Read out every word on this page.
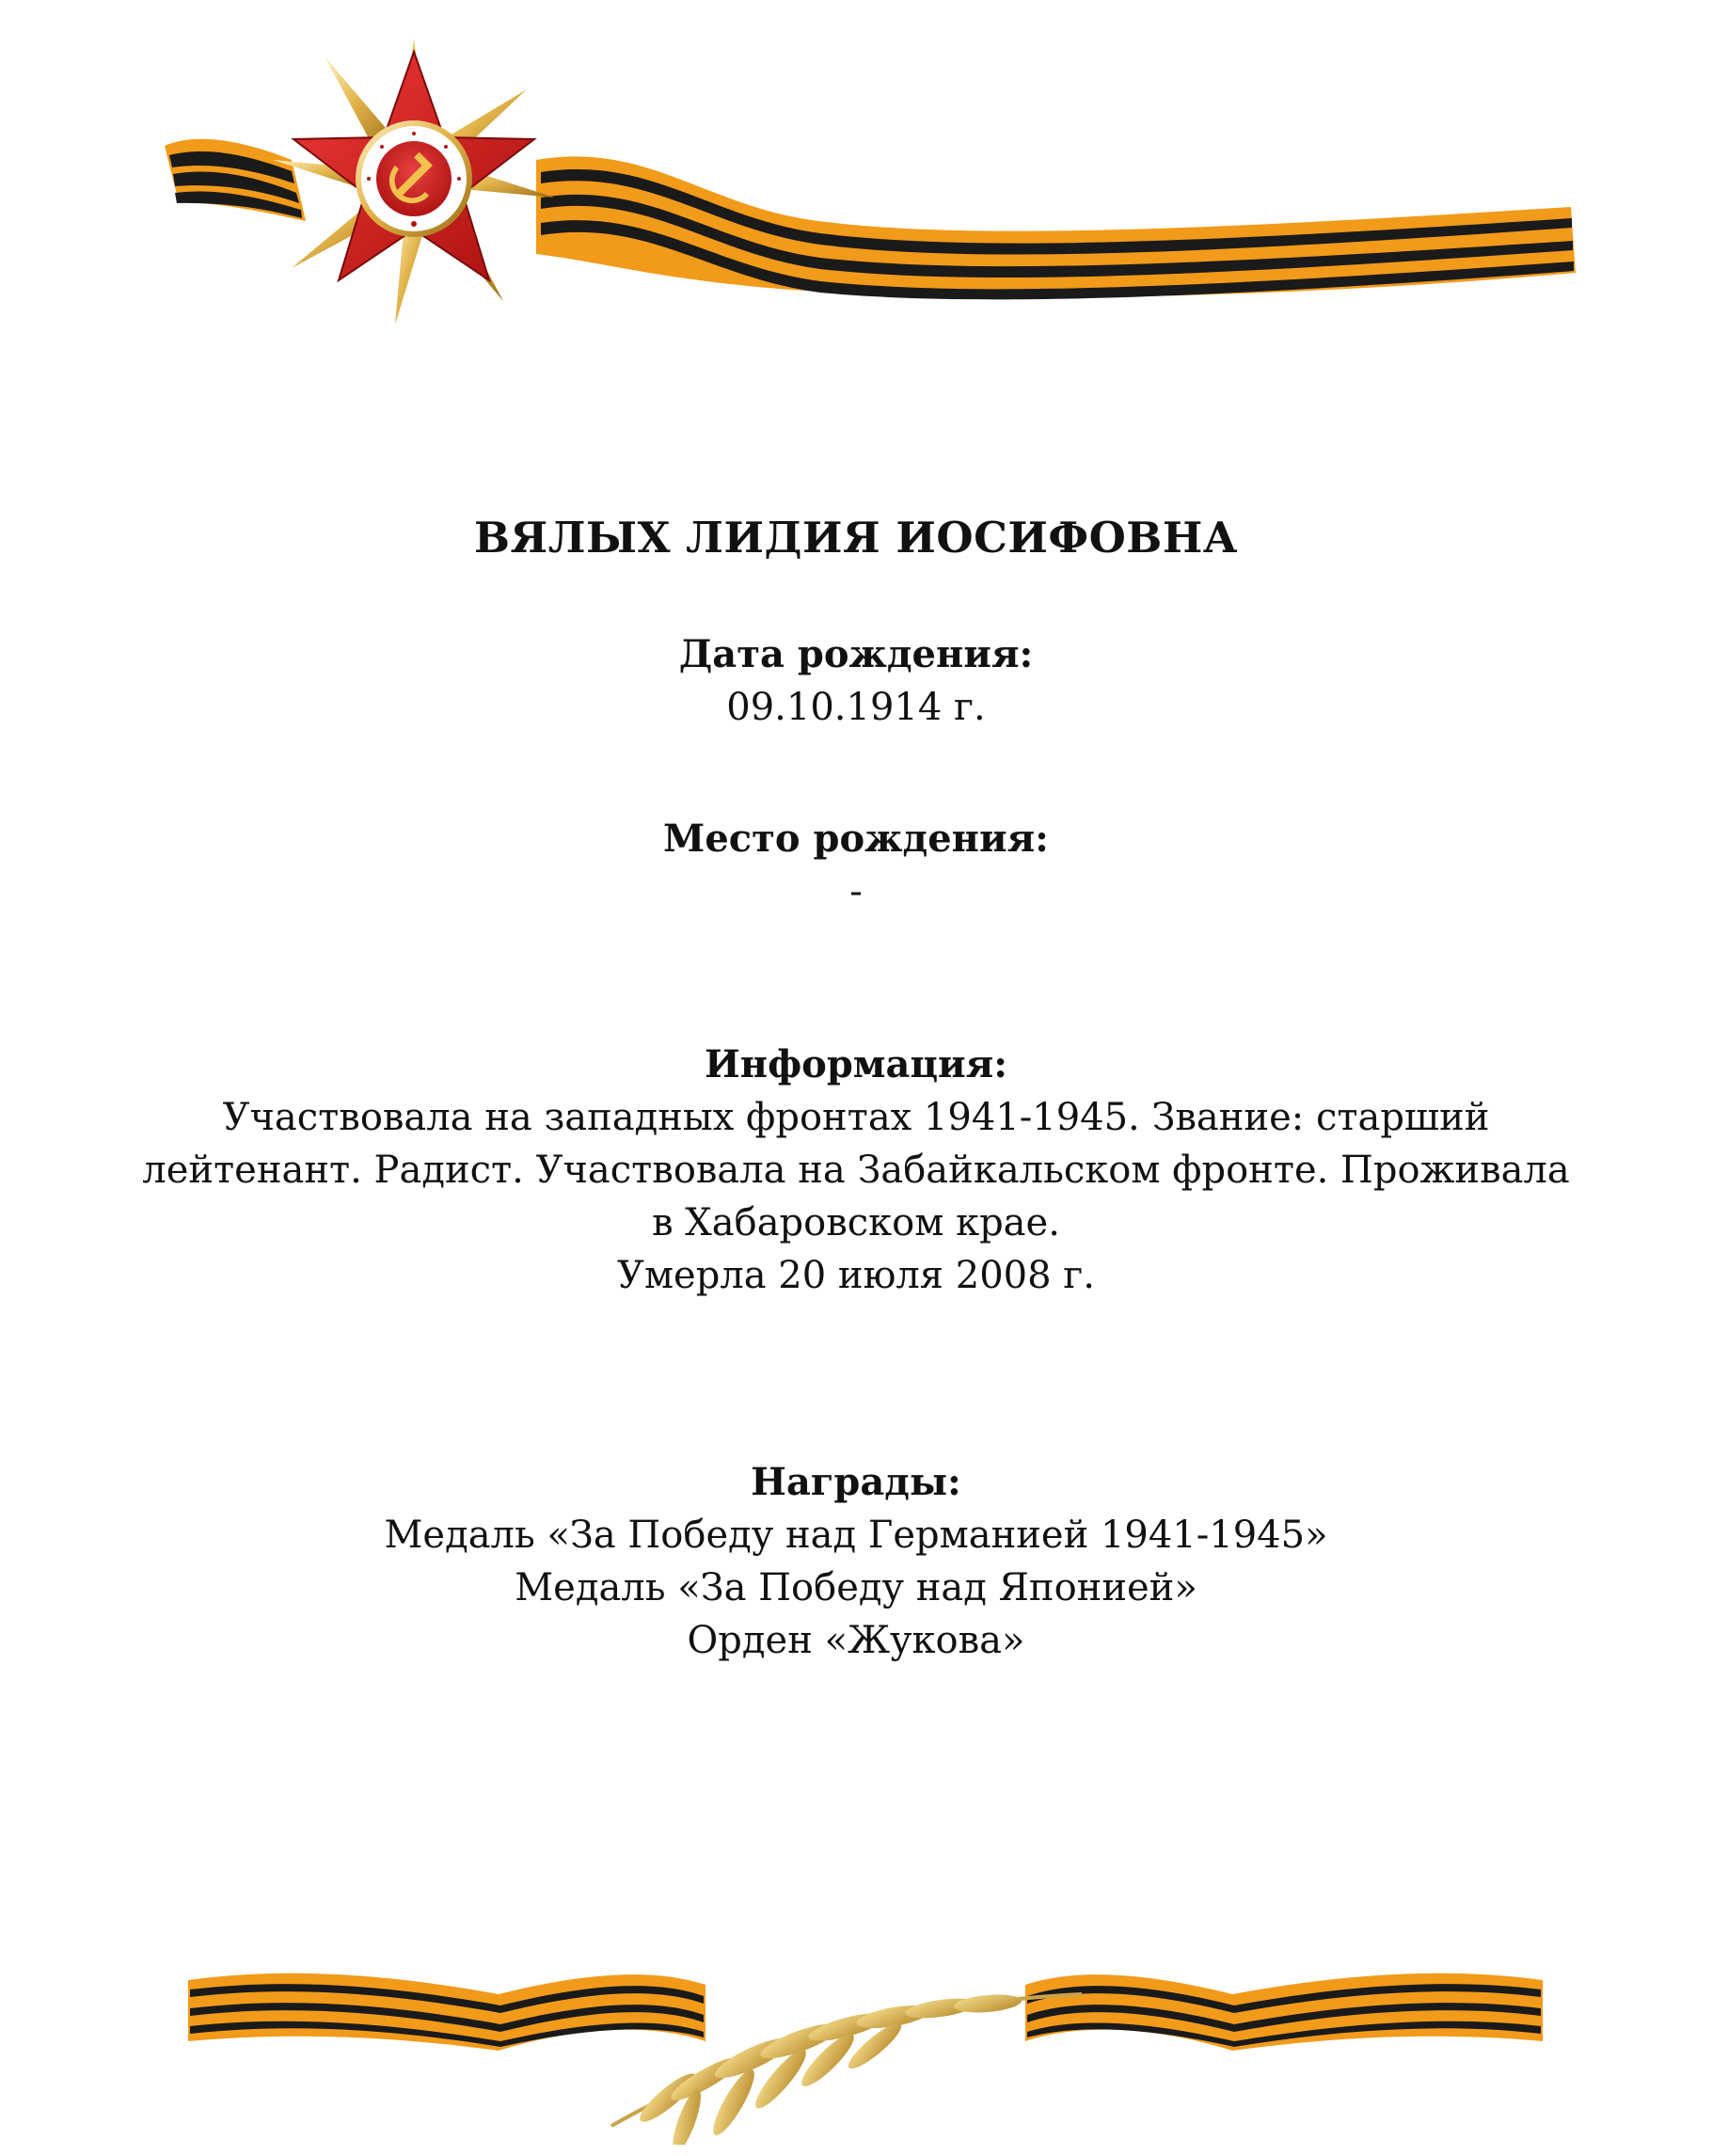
ВЯЛЫХ ЛИДИЯ ИОСИФОВНА
Дата рождения:
09.10.1914 г.
Место рождения:
-
Информация:
Участвовала на западных фронтах 1941-1945. Звание: старший
лейтенант. Радист. Участвовала на Забайкальском фронте. Проживала
в Хабаровском крае.
Умерла 20 июля 2008 г.
Награды:
Медаль «За Победу над Германией 1941-1945»
Медаль «За Победу над Японией»
Орден «Жукова»
